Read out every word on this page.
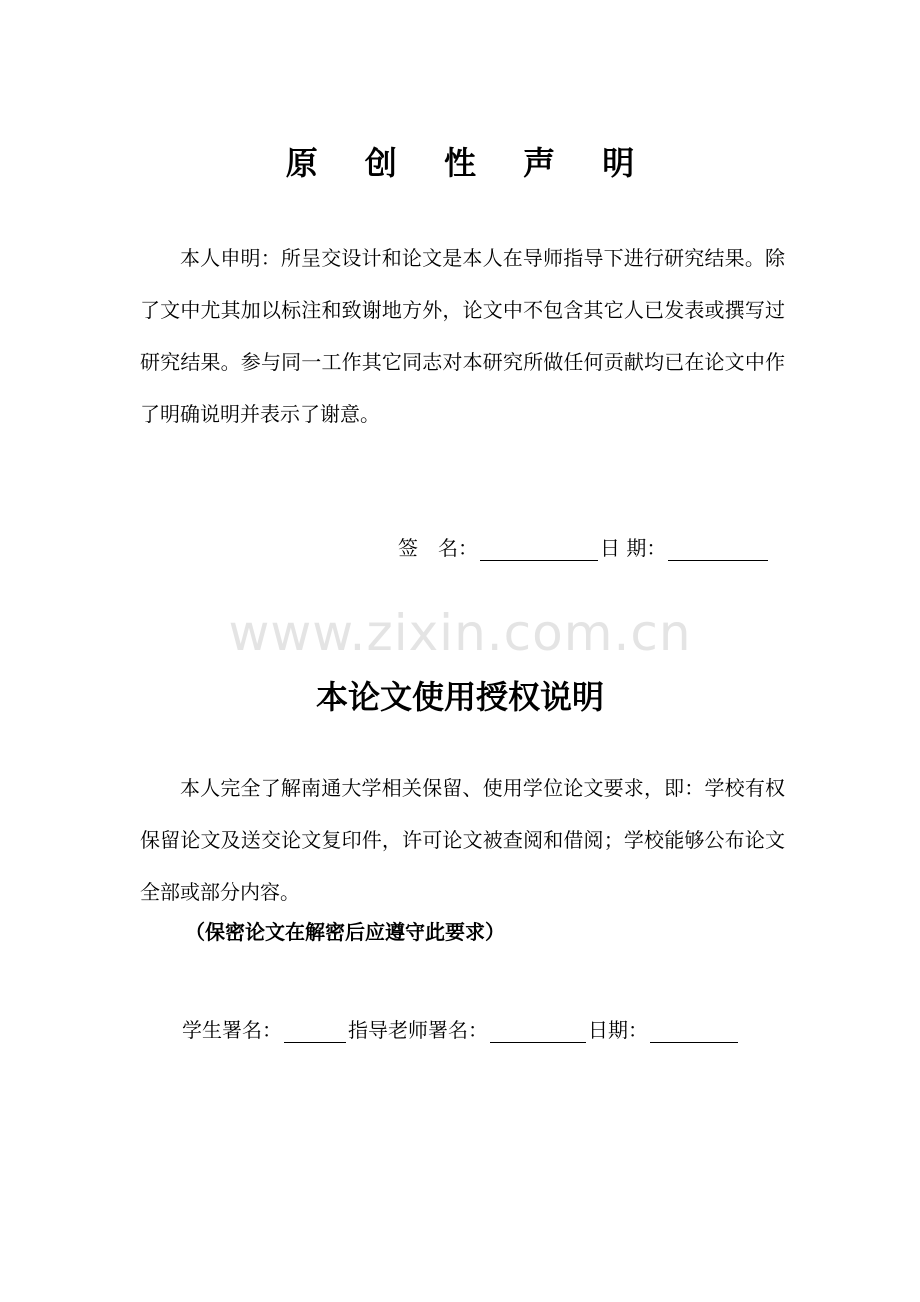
原 创 性 声 明
本人申明：所呈交设计和论文是本人在导师指导下进行研究结果。除了文中尤其加以标注和致谢地方外，论文中不包含其它人已发表或撰写过研究结果。参与同一工作其它同志对本研究所做任何贡献均已在论文中作了明确说明并表示了谢意。
签　名：	日 期：
www.zixin.com.cn
本论文使用授权说明
本人完全了解南通大学相关保留、使用学位论文要求，即：学校有权保留论文及送交论文复印件，许可论文被查阅和借阅；学校能够公布论文全部或部分内容。
（保密论文在解密后应遵守此要求）
学生署名：	指导老师署名：	日期：
